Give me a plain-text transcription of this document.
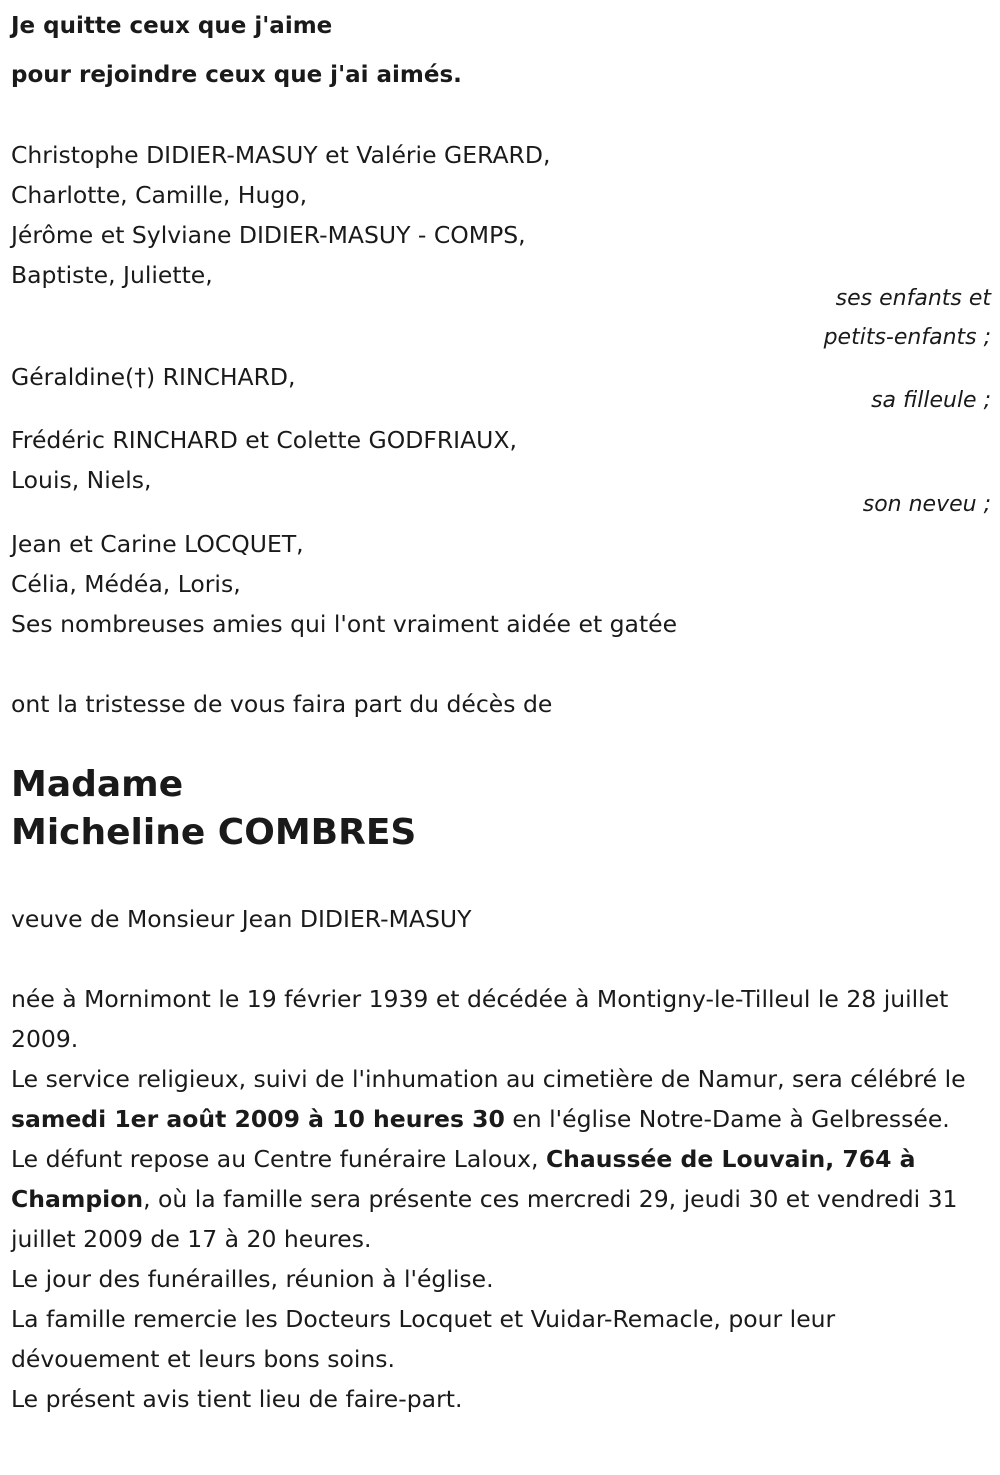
Je quitte ceux que j'aime
pour rejoindre ceux que j'ai aimés.
Christophe DIDIER-MASUY et Valérie GERARD,
Charlotte, Camille, Hugo,
Jérôme et Sylviane DIDIER-MASUY - COMPS,
Baptiste, Juliette,
ses enfants et
petits-enfants ;
Géraldine(†) RINCHARD,
sa filleule ;
Frédéric RINCHARD et Colette GODFRIAUX,
Louis, Niels,
son neveu ;
Jean et Carine LOCQUET,
Célia, Médéa, Loris,
Ses nombreuses amies qui l'ont vraiment aidée et gatée
ont la tristesse de vous faira part du décès de
Madame
Micheline COMBRES
veuve de Monsieur Jean DIDIER-MASUY
née à Mornimont le 19 février 1939 et décédée à Montigny-le-Tilleul le 28 juillet 2009.
Le service religieux, suivi de l'inhumation au cimetière de Namur, sera célébré le samedi 1er août 2009 à 10 heures 30 en l'église Notre-Dame à Gelbressée.
Le défunt repose au Centre funéraire Laloux, Chaussée de Louvain, 764 à Champion, où la famille sera présente ces mercredi 29, jeudi 30 et vendredi 31 juillet 2009 de 17 à 20 heures.
Le jour des funérailles, réunion à l'église.
La famille remercie les Docteurs Locquet et Vuidar-Remacle, pour leur dévouement et leurs bons soins.
Le présent avis tient lieu de faire-part.
